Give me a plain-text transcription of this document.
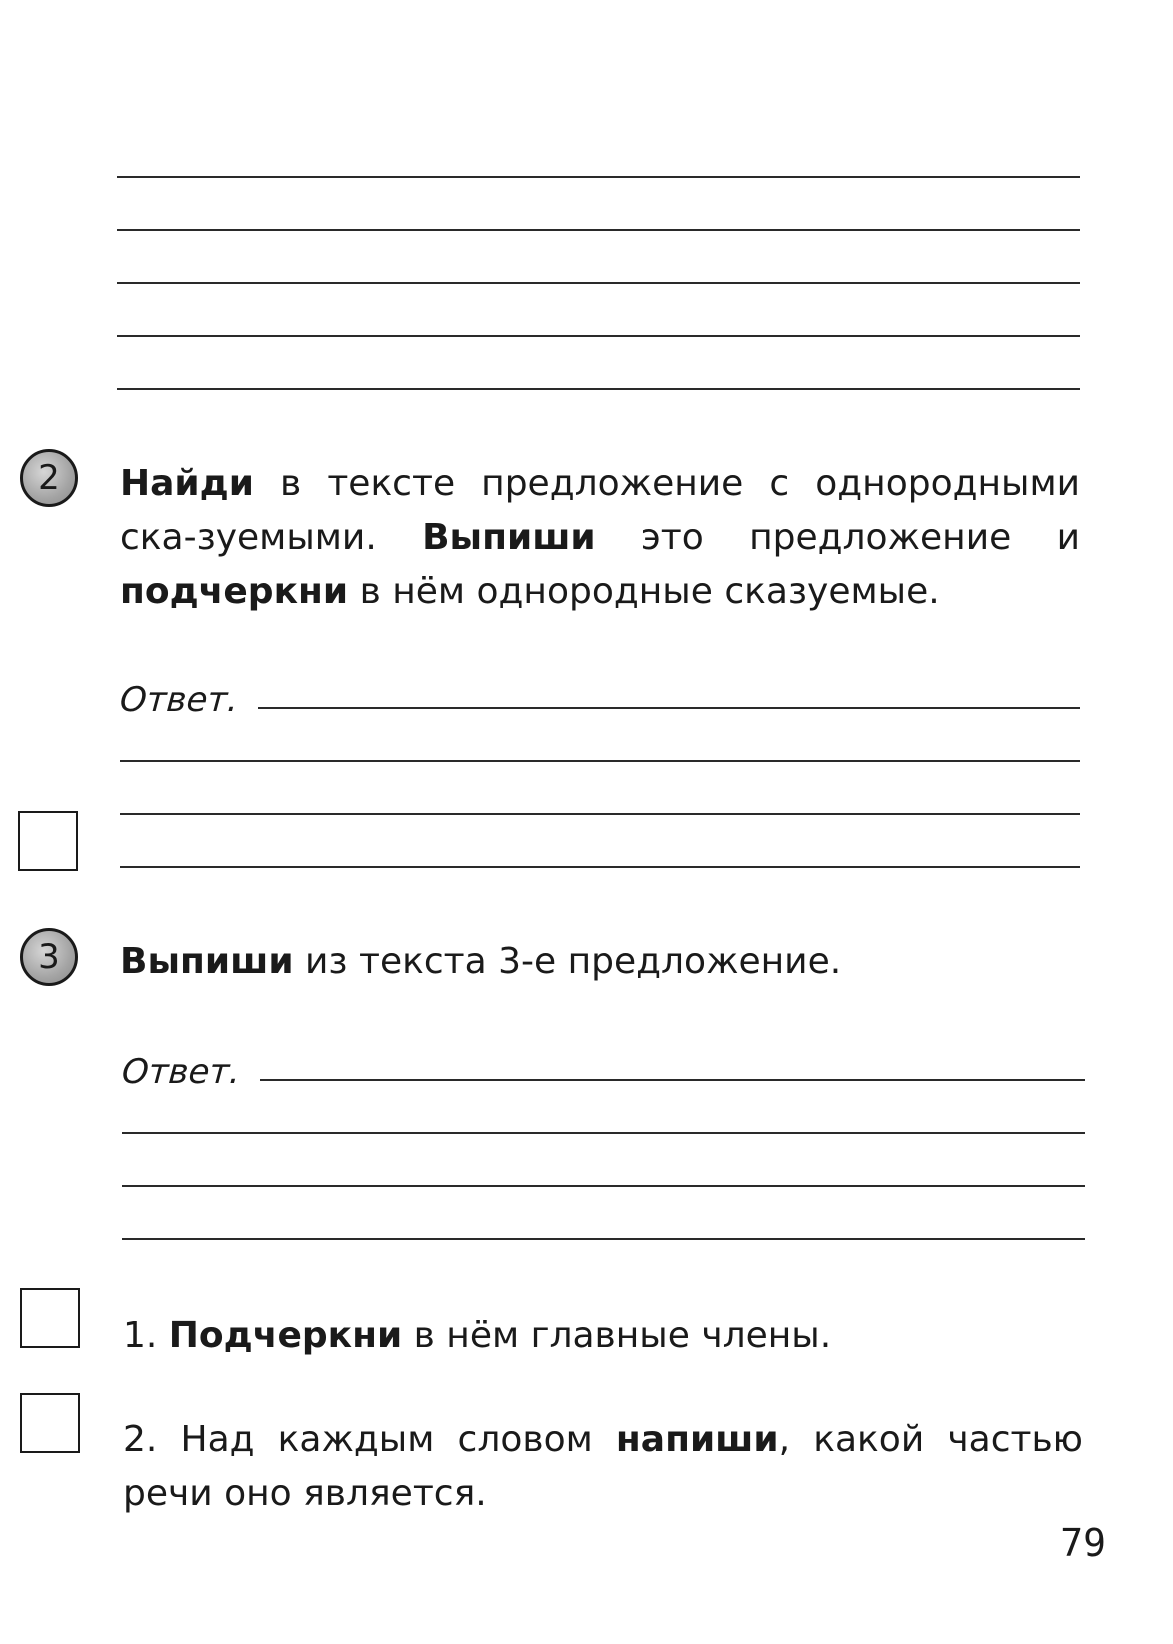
2 Найди в тексте предложение с однородными ска-зуемыми. Выпиши это предложение и подчеркни в нём однородные сказуемые.
Ответ.
3 Выпиши из текста 3-е предложение.
Ответ.
1. Подчеркни в нём главные члены.
2. Над каждым словом напиши, какой частью речи оно является.
79
